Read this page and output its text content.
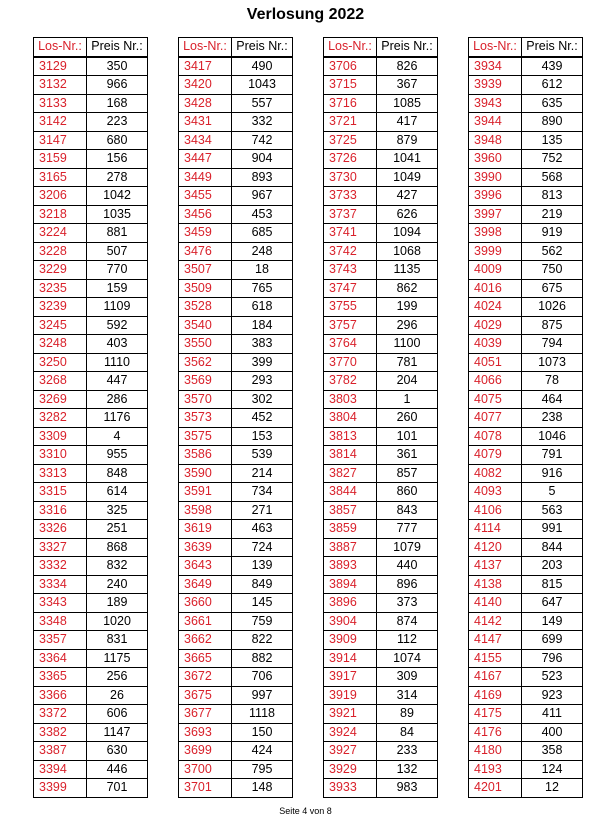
Verlosung 2022
Los-Nr.:	Preis Nr.:
3129	350
3132	966
3133	168
3142	223
3147	680
3159	156
3165	278
3206	1042
3218	1035
3224	881
3228	507
3229	770
3235	159
3239	1109
3245	592
3248	403
3250	1110
3268	447
3269	286
3282	1176
3309	4
3310	955
3313	848
3315	614
3316	325
3326	251
3327	868
3332	832
3334	240
3343	189
3348	1020
3357	831
3364	1175
3365	256
3366	26
3372	606
3382	1147
3387	630
3394	446
3399	701
Los-Nr.:	Preis Nr.:
3417	490
3420	1043
3428	557
3431	332
3434	742
3447	904
3449	893
3455	967
3456	453
3459	685
3476	248
3507	18
3509	765
3528	618
3540	184
3550	383
3562	399
3569	293
3570	302
3573	452
3575	153
3586	539
3590	214
3591	734
3598	271
3619	463
3639	724
3643	139
3649	849
3660	145
3661	759
3662	822
3665	882
3672	706
3675	997
3677	1118
3693	150
3699	424
3700	795
3701	148
Los-Nr.:	Preis Nr.:
3706	826
3715	367
3716	1085
3721	417
3725	879
3726	1041
3730	1049
3733	427
3737	626
3741	1094
3742	1068
3743	1135
3747	862
3755	199
3757	296
3764	1100
3770	781
3782	204
3803	1
3804	260
3813	101
3814	361
3827	857
3844	860
3857	843
3859	777
3887	1079
3893	440
3894	896
3896	373
3904	874
3909	112
3914	1074
3917	309
3919	314
3921	89
3924	84
3927	233
3929	132
3933	983
Los-Nr.:	Preis Nr.:
3934	439
3939	612
3943	635
3944	890
3948	135
3960	752
3990	568
3996	813
3997	219
3998	919
3999	562
4009	750
4016	675
4024	1026
4029	875
4039	794
4051	1073
4066	78
4075	464
4077	238
4078	1046
4079	791
4082	916
4093	5
4106	563
4114	991
4120	844
4137	203
4138	815
4140	647
4142	149
4147	699
4155	796
4167	523
4169	923
4175	411
4176	400
4180	358
4193	124
4201	12
Seite 4 von 8
